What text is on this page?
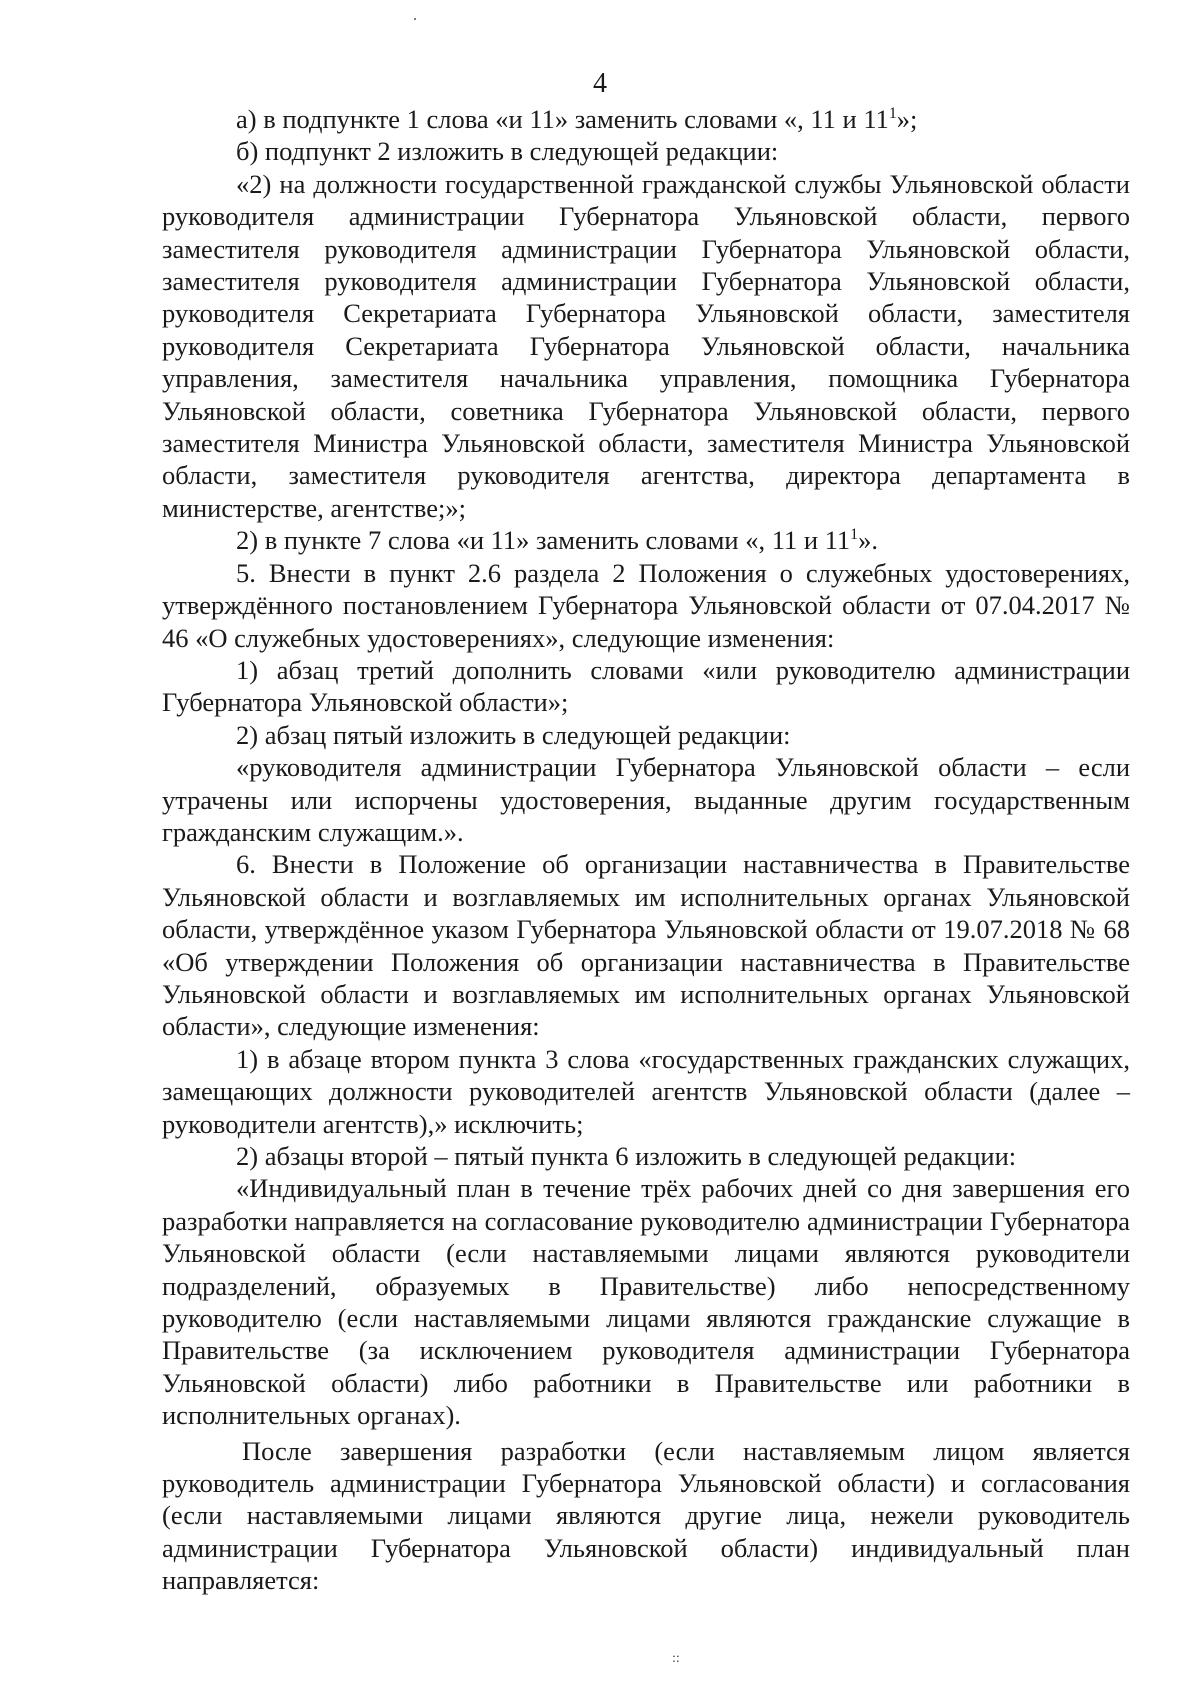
4

а) в подпункте 1 слова «и 11» заменить словами «, 11 и $11^1$»;

б) подпункт 2 изложить в следующей редакции:

«2) на должности государственной гражданской службы Ульяновской области руководителя администрации Губернатора Ульяновской области, первого заместителя руководителя администрации Губернатора Ульяновской области, заместителя руководителя администрации Губернатора Ульяновской области, руководителя Секретариата Губернатора Ульяновской области, заместителя руководителя Секретариата Губернатора Ульяновской области, начальника управления, заместителя начальника управления, помощника Губернатора Ульяновской области, советника Губернатора Ульяновской области, первого заместителя Министра Ульяновской области, заместителя Министра Ульяновской области, заместителя руководителя агентства, директора департамента в министерстве, агентстве;»;

2) в пункте 7 слова «и 11» заменить словами «, 11 и $11^1$».

5. Внести в пункт 2.6 раздела 2 Положения о служебных удостоверениях, утверждённого постановлением Губернатора Ульяновской области от 07.04.2017 № 46 «О служебных удостоверениях», следующие изменения:

1) абзац третий дополнить словами «или руководителю администрации Губернатора Ульяновской области»;

2) абзац пятый изложить в следующей редакции:

«руководителя администрации Губернатора Ульяновской области – если утрачены или испорчены удостоверения, выданные другим государственным гражданским служащим.».

6. Внести в Положение об организации наставничества в Правительстве Ульяновской области и возглавляемых им исполнительных органах Ульяновской области, утверждённое указом Губернатора Ульяновской области от 19.07.2018 № 68 «Об утверждении Положения об организации наставничества в Правительстве Ульяновской области и возглавляемых им исполнительных органах Ульяновской области», следующие изменения:

1) в абзаце втором пункта 3 слова «государственных гражданских служащих, замещающих должности руководителей агентств Ульяновской области (далее – руководители агентств),» исключить;

2) абзацы второй – пятый пункта 6 изложить в следующей редакции:

«Индивидуальный план в течение трёх рабочих дней со дня завершения его разработки направляется на согласование руководителю администрации Губернатора Ульяновской области (если наставляемыми лицами являются руководители подразделений, образуемых в Правительстве) либо непосредственному руководителю (если наставляемыми лицами являются гражданские служащие в Правительстве (за исключением руководителя администрации Губернатора Ульяновской области) либо работники в Правительстве или работники в исполнительных органах).

После завершения разработки (если наставляемым лицом является руководитель администрации Губернатора Ульяновской области) и согласования (если наставляемыми лицами являются другие лица, нежели руководитель администрации Губернатора Ульяновской области) индивидуальный план направляется:

::
